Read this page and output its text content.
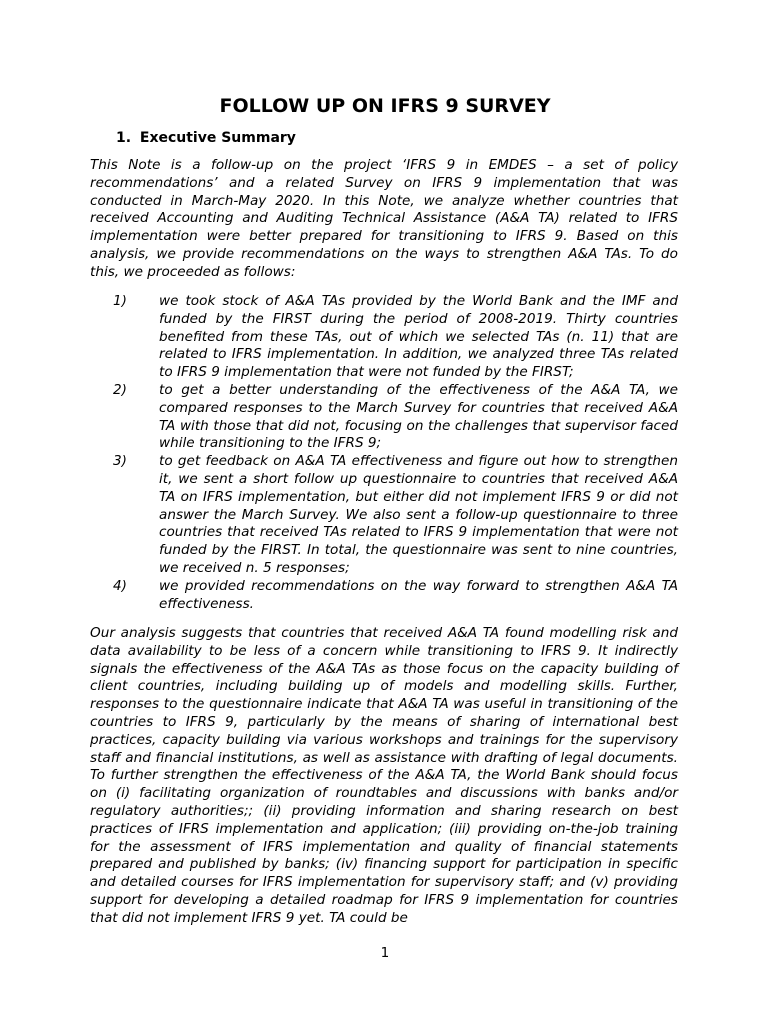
FOLLOW UP ON IFRS 9 SURVEY
1. Executive Summary

This Note is a follow-up on the project ‘IFRS 9 in EMDES – a set of policy recommendations’ and a related Survey on IFRS 9 implementation that was conducted in March-May 2020. In this Note, we analyze whether countries that received Accounting and Auditing Technical Assistance (A&A TA) related to IFRS implementation were better prepared for transitioning to IFRS 9. Based on this analysis, we provide recommendations on the ways to strengthen A&A TAs. To do this, we proceeded as follows:

1) we took stock of A&A TAs provided by the World Bank and the IMF and funded by the FIRST during the period of 2008-2019. Thirty countries benefited from these TAs, out of which we selected TAs (n. 11) that are related to IFRS implementation. In addition, we analyzed three TAs related to IFRS 9 implementation that were not funded by the FIRST;
2) to get a better understanding of the effectiveness of the A&A TA, we compared responses to the March Survey for countries that received A&A TA with those that did not, focusing on the challenges that supervisor faced while transitioning to the IFRS 9;
3) to get feedback on A&A TA effectiveness and figure out how to strengthen it, we sent a short follow up questionnaire to countries that received A&A TA on IFRS implementation, but either did not implement IFRS 9 or did not answer the March Survey. We also sent a follow-up questionnaire to three countries that received TAs related to IFRS 9 implementation that were not funded by the FIRST. In total, the questionnaire was sent to nine countries, we received n. 5 responses;
4) we provided recommendations on the way forward to strengthen A&A TA effectiveness.

Our analysis suggests that countries that received A&A TA found modelling risk and data availability to be less of a concern while transitioning to IFRS 9. It indirectly signals the effectiveness of the A&A TAs as those focus on the capacity building of client countries, including building up of models and modelling skills. Further, responses to the questionnaire indicate that A&A TA was useful in transitioning of the countries to IFRS 9, particularly by the means of sharing of international best practices, capacity building via various workshops and trainings for the supervisory staff and financial institutions, as well as assistance with drafting of legal documents. To further strengthen the effectiveness of the A&A TA, the World Bank should focus on (i) facilitating organization of roundtables and discussions with banks and/or regulatory authorities;; (ii) providing information and sharing research on best practices of IFRS implementation and application; (iii) providing on-the-job training for the assessment of IFRS implementation and quality of financial statements prepared and published by banks; (iv) financing support for participation in specific and detailed courses for IFRS implementation for supervisory staff; and (v) providing support for developing a detailed roadmap for IFRS 9 implementation for countries that did not implement IFRS 9 yet. TA could be

1
